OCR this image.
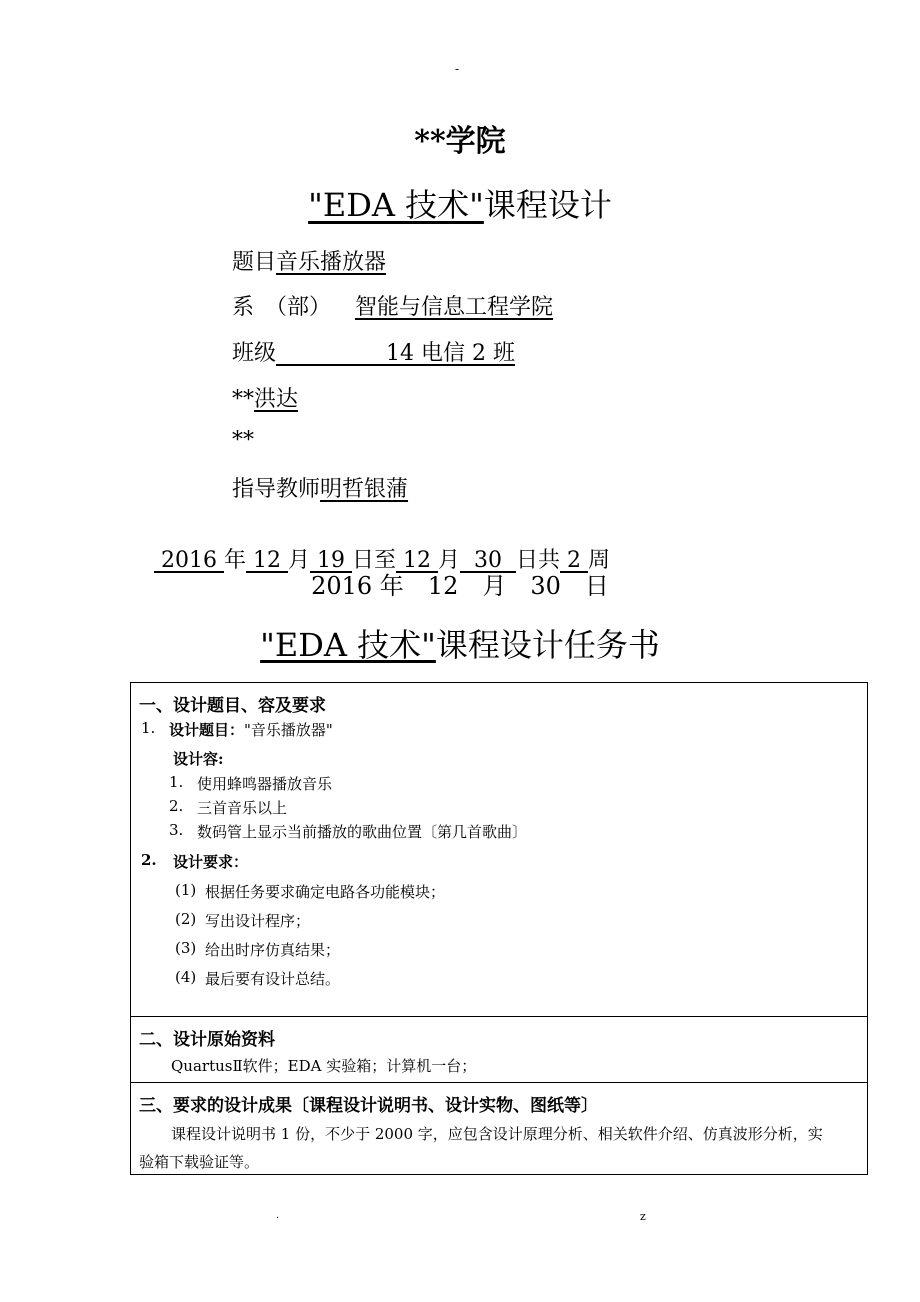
-
**学院
"EDA 技术"课程设计
题目音乐播放器
系　（部） 智能与信息工程学院
班级　　　　　14 电信 2 班
**洪达
**
指导教师明哲银蒲

2016 年 12 月 19 日至 12 月  30  日共 2 周

2016 年　12　月　30　日
"EDA 技术"课程设计任务书
一、设计题目、容及要求
1. 设计题目："音乐播放器"
设计容:
1. 使用蜂鸣器播放音乐
2. 三首音乐以上
3. 数码管上显示当前播放的歌曲位置〔第几首歌曲〕
2. 设计要求：
(1) 根据任务要求确定电路各功能模块；
(2) 写出设计程序；
(3) 给出时序仿真结果；
(4) 最后要有设计总结。
二、设计原始资料
QuartusⅡ软件；EDA 实验箱；计算机一台；
三、要求的设计成果〔课程设计说明书、设计实物、图纸等〕
课程设计说明书 1 份，不少于 2000 字，应包含设计原理分析、相关软件介绍、仿真波形分析，实
验箱下载验证等。
.	z
